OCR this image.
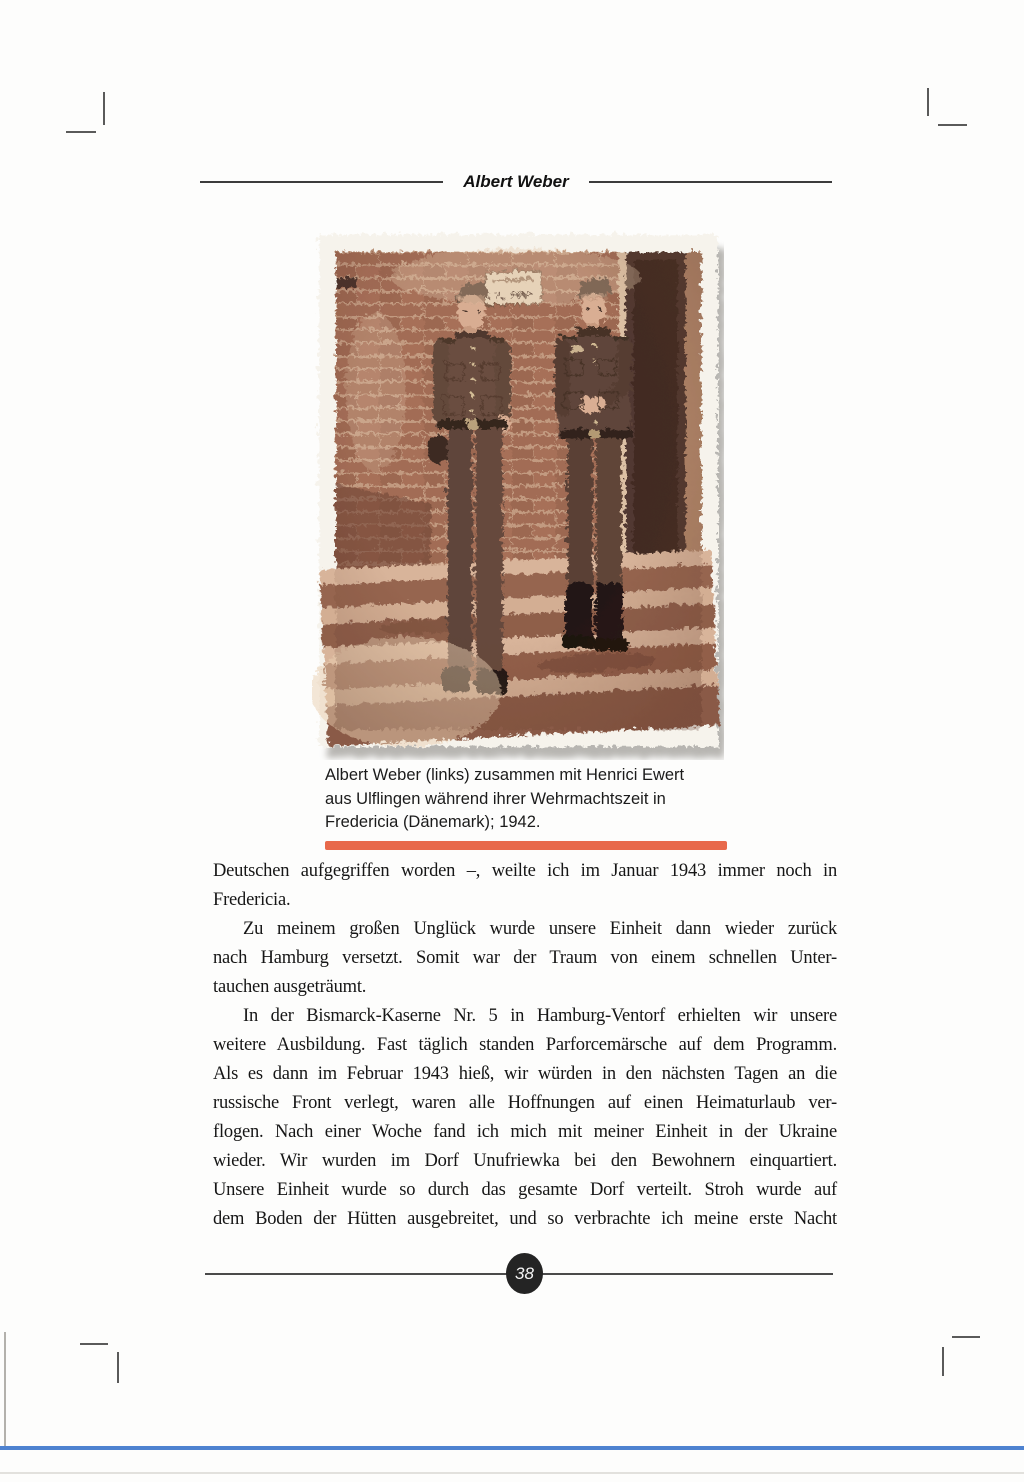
Albert Weber
Albert Weber (links) zusammen mit Henrici Ewert
aus Ulflingen während ihrer Wehrmachtszeit in
Fredericia (Dänemark); 1942.
Deutschen aufgegriffen worden –, weilte ich im Januar 1943 immer noch in
Fredericia.
Zu meinem großen Unglück wurde unsere Einheit dann wieder zurück
nach Hamburg versetzt. Somit war der Traum von einem schnellen Unter-
tauchen ausgeträumt.
In der Bismarck-Kaserne Nr. 5 in Hamburg-Ventorf erhielten wir unsere
weitere Ausbildung. Fast täglich standen Parforcemärsche auf dem Programm.
Als es dann im Februar 1943 hieß, wir würden in den nächsten Tagen an die
russische Front verlegt, waren alle Hoffnungen auf einen Heimaturlaub ver-
flogen. Nach einer Woche fand ich mich mit meiner Einheit in der Ukraine
wieder. Wir wurden im Dorf Unufriewka bei den Bewohnern einquartiert.
Unsere Einheit wurde so durch das gesamte Dorf verteilt. Stroh wurde auf
dem Boden der Hütten ausgebreitet, und so verbrachte ich meine erste Nacht
38
